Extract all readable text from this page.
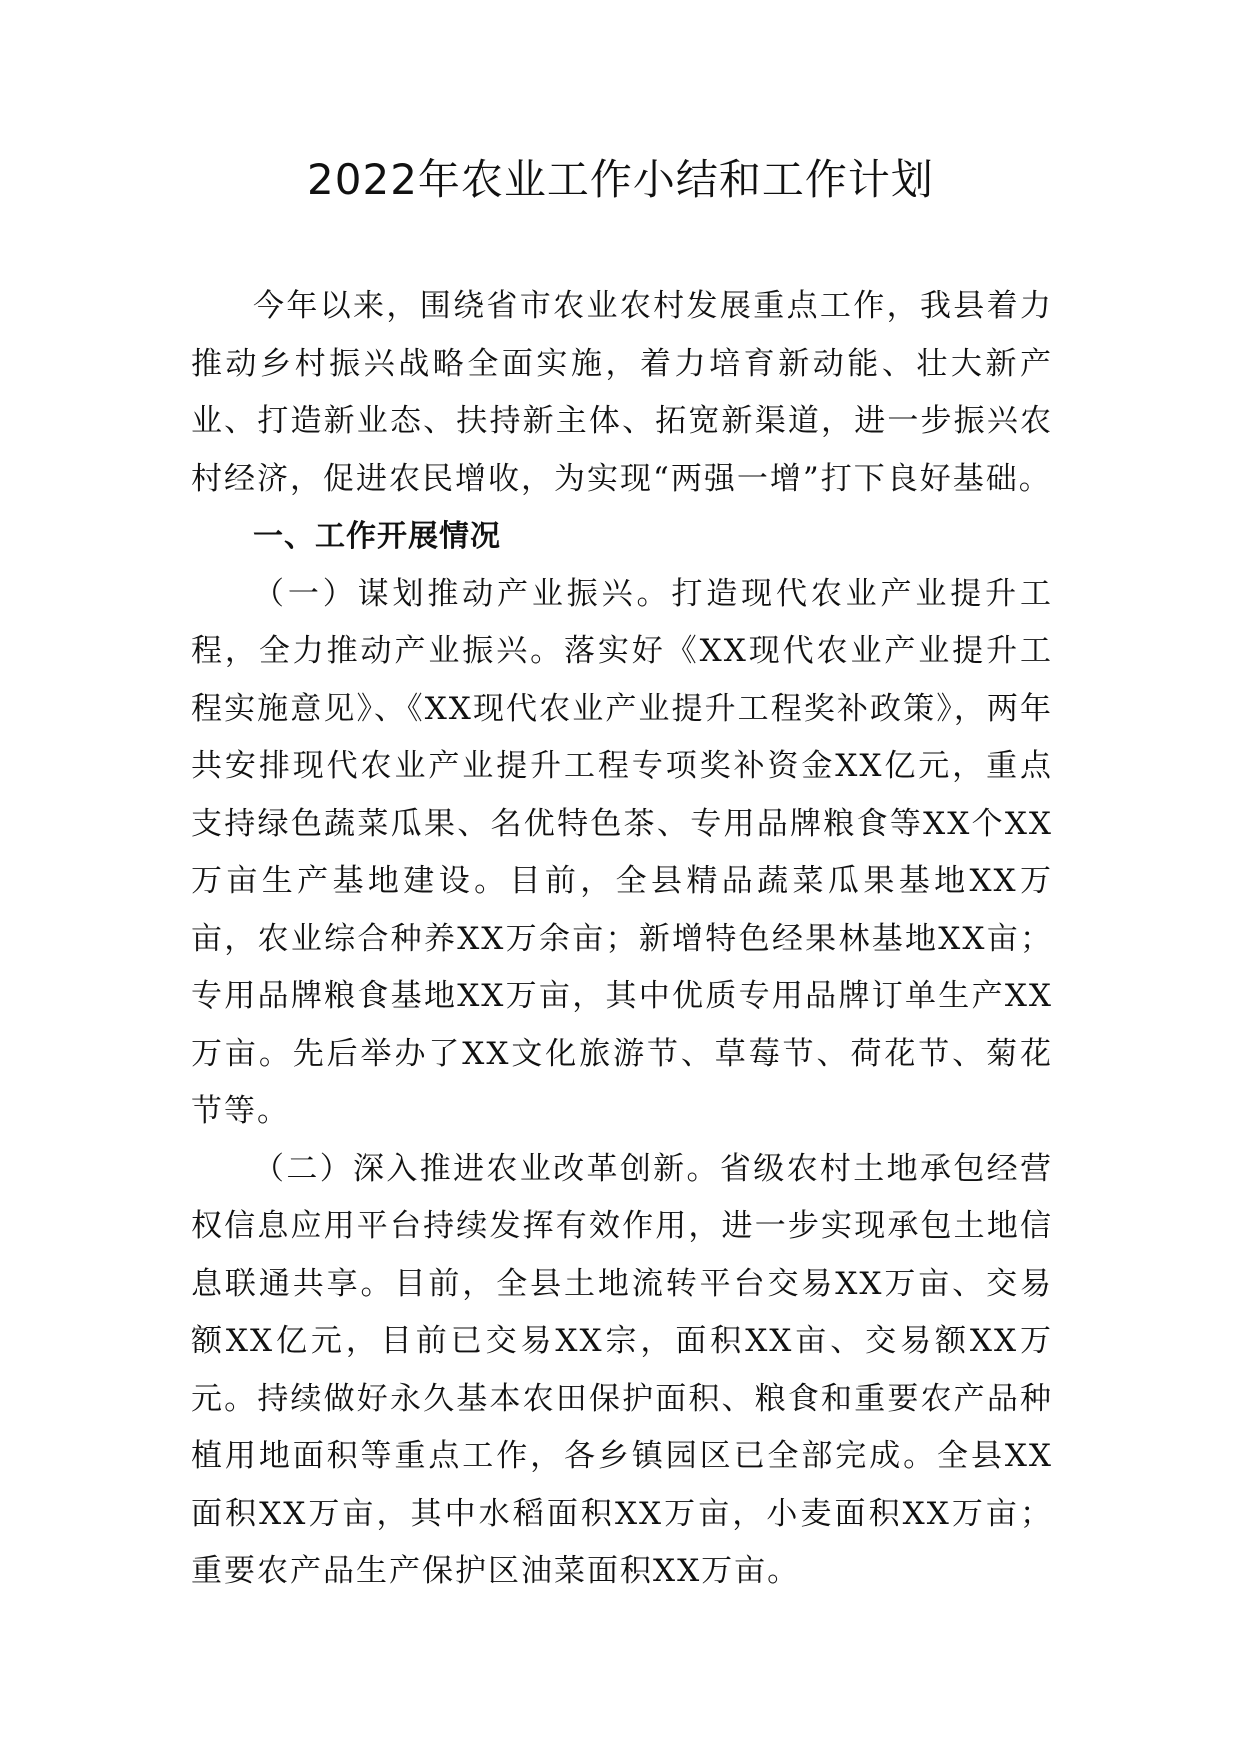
2022年农业工作小结和工作计划

今年以来，围绕省市农业农村发展重点工作，我县着力推动乡村振兴战略全面实施，着力培育新动能、壮大新产业、打造新业态、扶持新主体、拓宽新渠道，进一步振兴农村经济，促进农民增收，为实现“两强一增”打下良好基础。

一、工作开展情况

（一）谋划推动产业振兴。打造现代农业产业提升工程，全力推动产业振兴。落实好《XX现代农业产业提升工程实施意见》、《XX现代农业产业提升工程奖补政策》，两年共安排现代农业产业提升工程专项奖补资金XX亿元，重点支持绿色蔬菜瓜果、名优特色茶、专用品牌粮食等XX个XX万亩生产基地建设。目前，全县精品蔬菜瓜果基地XX万亩，农业综合种养XX万余亩；新增特色经果林基地XX亩；专用品牌粮食基地XX万亩，其中优质专用品牌订单生产XX万亩。先后举办了XX文化旅游节、草莓节、荷花节、菊花节等。

（二）深入推进农业改革创新。省级农村土地承包经营权信息应用平台持续发挥有效作用，进一步实现承包土地信息联通共享。目前，全县土地流转平台交易XX万亩、交易额XX亿元，目前已交易XX宗，面积XX亩、交易额XX万元。持续做好永久基本农田保护面积、粮食和重要农产品种植用地面积等重点工作，各乡镇园区已全部完成。全县XX面积XX万亩，其中水稻面积XX万亩，小麦面积XX万亩；重要农产品生产保护区油菜面积XX万亩。
